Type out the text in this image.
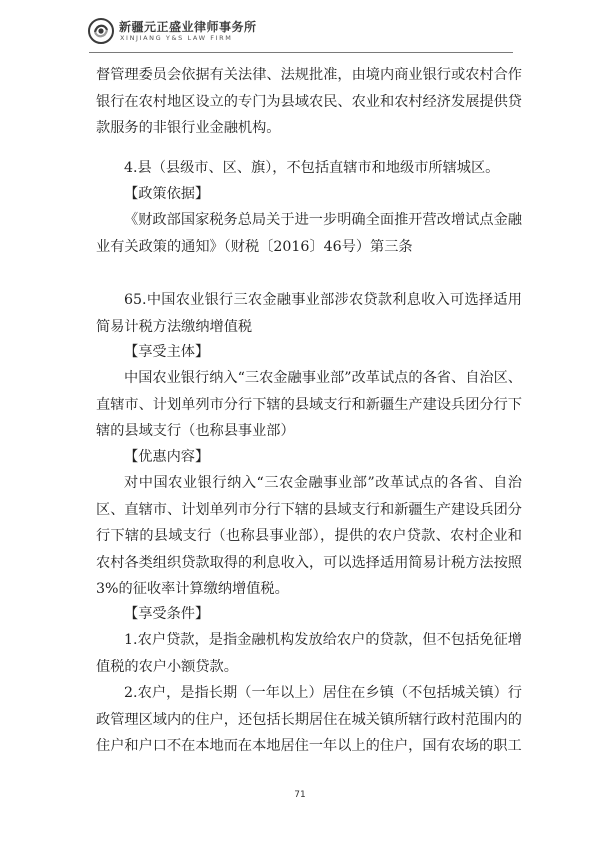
新疆元正盛业律师事务所
XINJIANG Y&S LAW FIRM
督管理委员会依据有关法律、法规批准，由境内商业银行或农村合作银行在农村地区设立的专门为县域农民、农业和农村经济发展提供贷款服务的非银行业金融机构。
4.县（县级市、区、旗），不包括直辖市和地级市所辖城区。
【政策依据】
《财政部国家税务总局关于进一步明确全面推开营改增试点金融业有关政策的通知》（财税〔2016〕46号）第三条
65.中国农业银行三农金融事业部涉农贷款利息收入可选择适用简易计税方法缴纳增值税
【享受主体】
中国农业银行纳入“三农金融事业部”改革试点的各省、自治区、直辖市、计划单列市分行下辖的县域支行和新疆生产建设兵团分行下辖的县域支行（也称县事业部）
【优惠内容】
对中国农业银行纳入“三农金融事业部”改革试点的各省、自治区、直辖市、计划单列市分行下辖的县域支行和新疆生产建设兵团分行下辖的县域支行（也称县事业部），提供的农户贷款、农村企业和农村各类组织贷款取得的利息收入，可以选择适用简易计税方法按照3%的征收率计算缴纳增值税。
【享受条件】
1.农户贷款，是指金融机构发放给农户的贷款，但不包括免征增值税的农户小额贷款。
2.农户，是指长期（一年以上）居住在乡镇（不包括城关镇）行政管理区域内的住户，还包括长期居住在城关镇所辖行政村范围内的住户和户口不在本地而在本地居住一年以上的住户，国有农场的职工
71
